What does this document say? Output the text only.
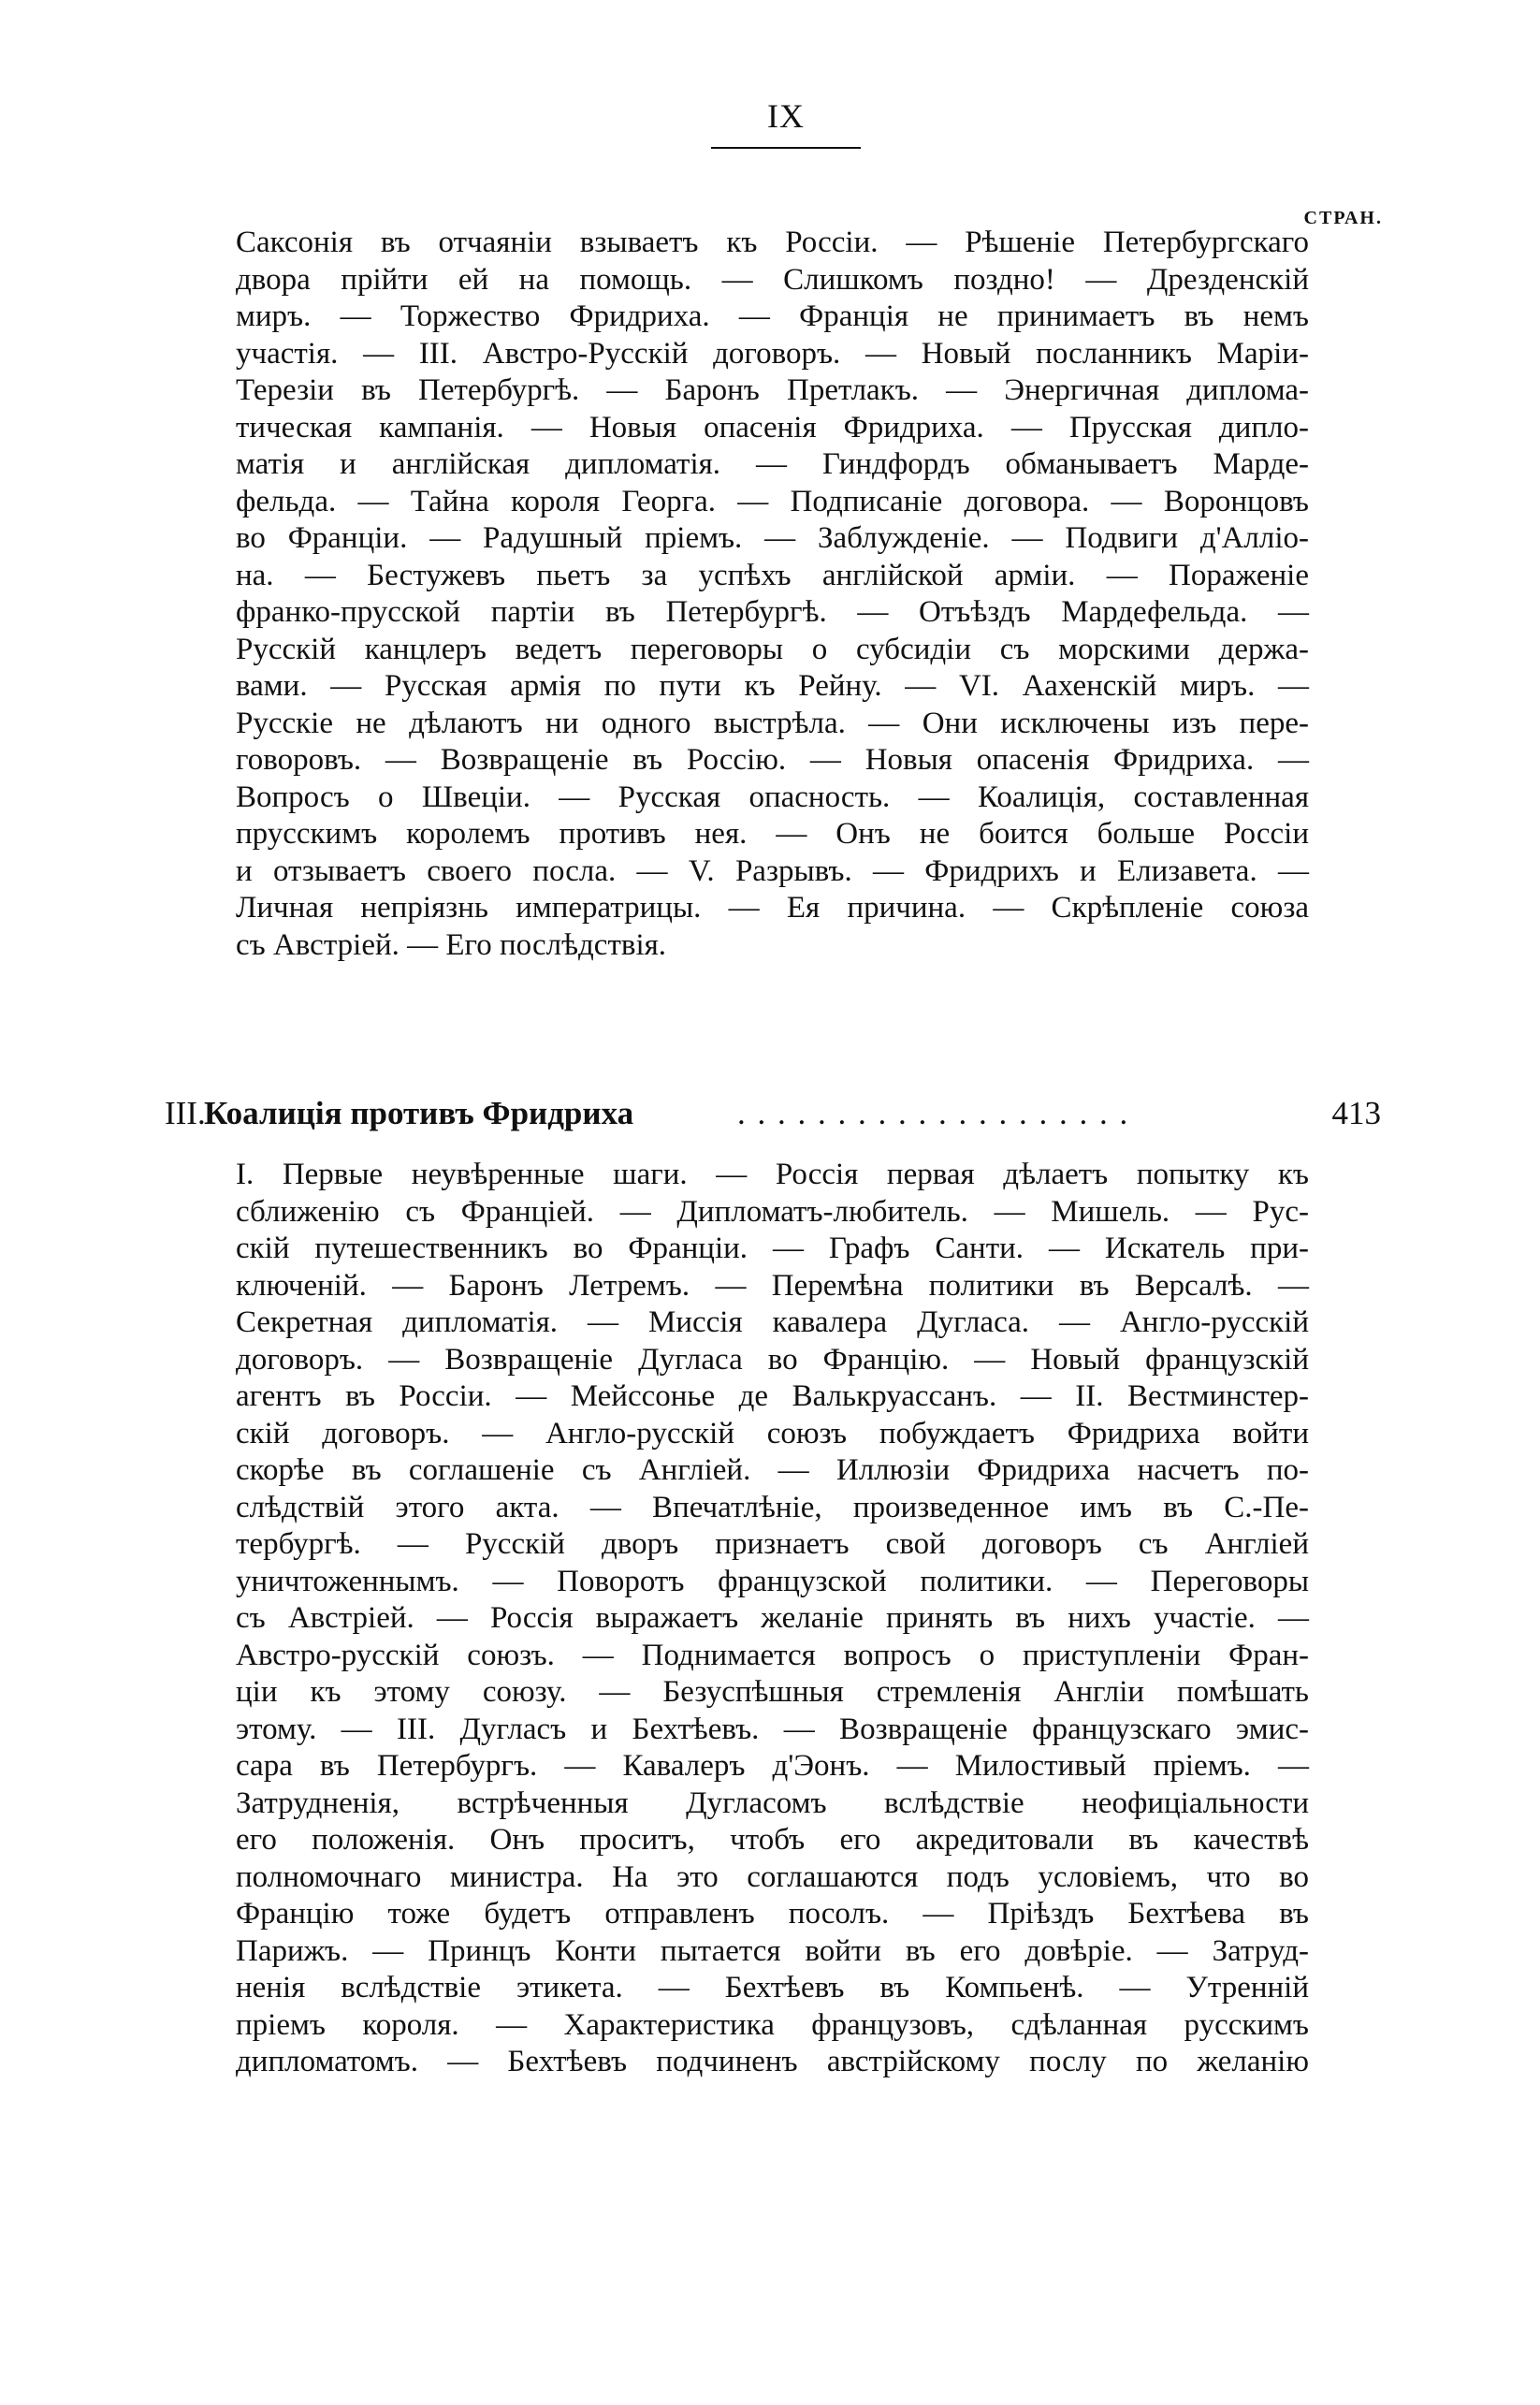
IX
СТРАН.
Саксонія въ отчаяніи взываетъ къ Россіи. — Рѣшеніе Петербургскаго
двора прійти ей на помощь. — Слишкомъ поздно! — Дрезденскій
миръ. — Торжество Фридриха. — Франція не принимаетъ въ немъ
участія. — III. Австро-Русскій договоръ. — Новый посланникъ Маріи-
Терезіи въ Петербургѣ. — Баронъ Претлакъ. — Энергичная диплома-
тическая кампанія. — Новыя опасенія Фридриха. — Прусская дипло-
матія и англійская дипломатія. — Гиндфордъ обманываетъ Марде-
фельда. — Тайна короля Георга. — Подписаніе договора. — Воронцовъ
во Франціи. — Радушный пріемъ. — Заблужденіе. — Подвиги д'Алліо-
на. — Бестужевъ пьетъ за успѣхъ англійской арміи. — Пораженіе
франко-прусской партіи въ Петербургѣ. — Отъѣздъ Мардефельда. —
Русскій канцлеръ ведетъ переговоры о субсидіи съ морскими держа-
вами. — Русская армія по пути къ Рейну. — VI. Аахенскій миръ. —
Русскіе не дѣлаютъ ни одного выстрѣла. — Они исключены изъ пере-
говоровъ. — Возвращеніе въ Россію. — Новыя опасенія Фридриха. —
Вопросъ о Швеціи. — Русская опасность. — Коалиція, составленная
прусскимъ королемъ противъ нея. — Онъ не боится больше Россіи
и отзываетъ своего посла. — V. Разрывъ. — Фридрихъ и Елизавета. —
Личная непріязнь императрицы. — Ея причина. — Скрѣпленіе союза
съ Австріей. — Его послѣдствія.
III.
Коалиція противъ Фридриха	. . . . . . . . . . . . . . . . . . . .	413
I. Первые неувѣренные шаги. — Россія первая дѣлаетъ попытку къ
сближенію съ Франціей. — Дипломатъ-любитель. — Мишель. — Рус-
скій путешественникъ во Франціи. — Графъ Санти. — Искатель при-
ключеній. — Баронъ Летремъ. — Перемѣна политики въ Версалѣ. —
Секретная дипломатія. — Миссія кавалера Дугласа. — Англо-русскій
договоръ. — Возвращеніе Дугласа во Францію. — Новый французскій
агентъ въ Россіи. — Мейссонье де Валькруассанъ. — II. Вестминстер-
скій договоръ. — Англо-русскій союзъ побуждаетъ Фридриха войти
скорѣе въ соглашеніе съ Англіей. — Иллюзіи Фридриха насчетъ по-
слѣдствій этого акта. — Впечатлѣніе, произведенное имъ въ С.-Пе-
тербургѣ. — Русскій дворъ признаетъ свой договоръ съ Англіей
уничтоженнымъ. — Поворотъ французской политики. — Переговоры
съ Австріей. — Россія выражаетъ желаніе принять въ нихъ участіе. —
Австро-русскій союзъ. — Поднимается вопросъ о приступленіи Фран-
ціи къ этому союзу. — Безуспѣшныя стремленія Англіи помѣшать
этому. — III. Дугласъ и Бехтѣевъ. — Возвращеніе французскаго эмис-
сара въ Петербургъ. — Кавалеръ д'Эонъ. — Милостивый пріемъ. —
Затрудненія, встрѣченныя Дугласомъ вслѣдствіе неофиціальности
его положенія. Онъ проситъ, чтобъ его акредитовали въ качествѣ
полномочнаго министра. На это соглашаются подъ условіемъ, что во
Францію тоже будетъ отправленъ посолъ. — Пріѣздъ Бехтѣева въ
Парижъ. — Принцъ Конти пытается войти въ его довѣріе. — Затруд-
ненія вслѣдствіе этикета. — Бехтѣевъ въ Компьенѣ. — Утренній
пріемъ короля. — Характеристика французовъ, сдѣланная русскимъ
дипломатомъ. — Бехтѣевъ подчиненъ австрійскому послу по желанію
